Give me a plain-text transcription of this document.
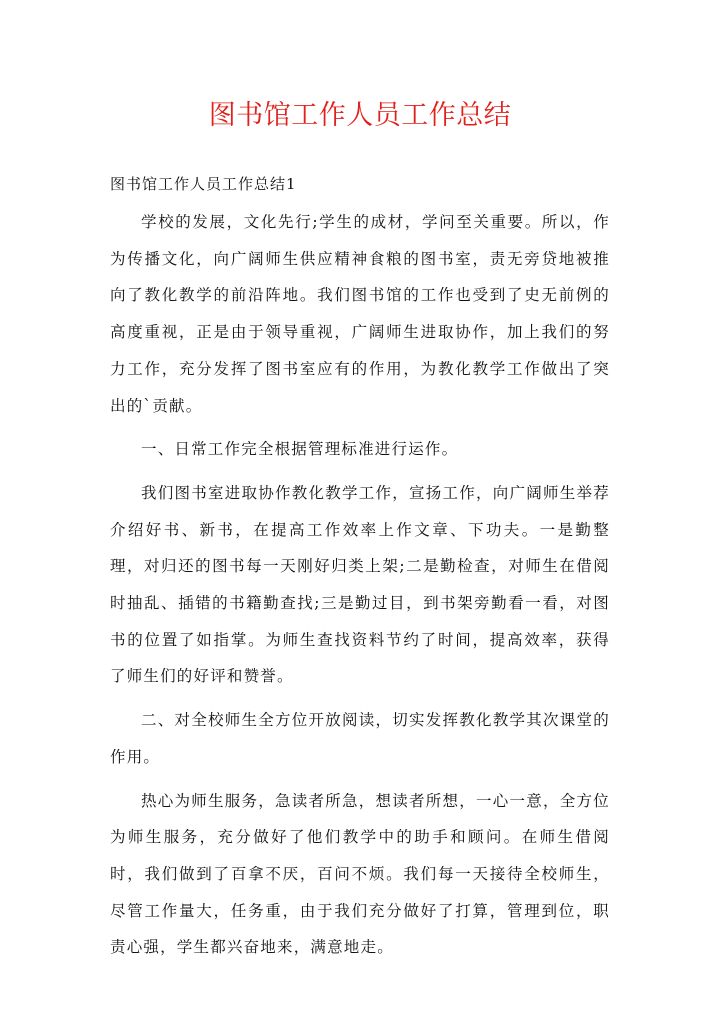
图书馆工作人员工作总结

图书馆工作人员工作总结1

学校的发展，文化先行;学生的成材，学问至关重要。所以，作为传播文化，向广阔师生供应精神食粮的图书室，责无旁贷地被推向了教化教学的前沿阵地。我们图书馆的工作也受到了史无前例的高度重视，正是由于领导重视，广阔师生进取协作，加上我们的努力工作，充分发挥了图书室应有的作用，为教化教学工作做出了突出的`贡献。

一、日常工作完全根据管理标准进行运作。

我们图书室进取协作教化教学工作，宣扬工作，向广阔师生举荐介绍好书、新书，在提高工作效率上作文章、下功夫。一是勤整理，对归还的图书每一天刚好归类上架;二是勤检查，对师生在借阅时抽乱、插错的书籍勤查找;三是勤过目，到书架旁勤看一看，对图书的位置了如指掌。为师生查找资料节约了时间，提高效率，获得了师生们的好评和赞誉。

二、对全校师生全方位开放阅读，切实发挥教化教学其次课堂的作用。

热心为师生服务，急读者所急，想读者所想，一心一意，全方位为师生服务，充分做好了他们教学中的助手和顾问。在师生借阅时，我们做到了百拿不厌，百问不烦。我们每一天接待全校师生，尽管工作量大，任务重，由于我们充分做好了打算，管理到位，职责心强，学生都兴奋地来，满意地走。
